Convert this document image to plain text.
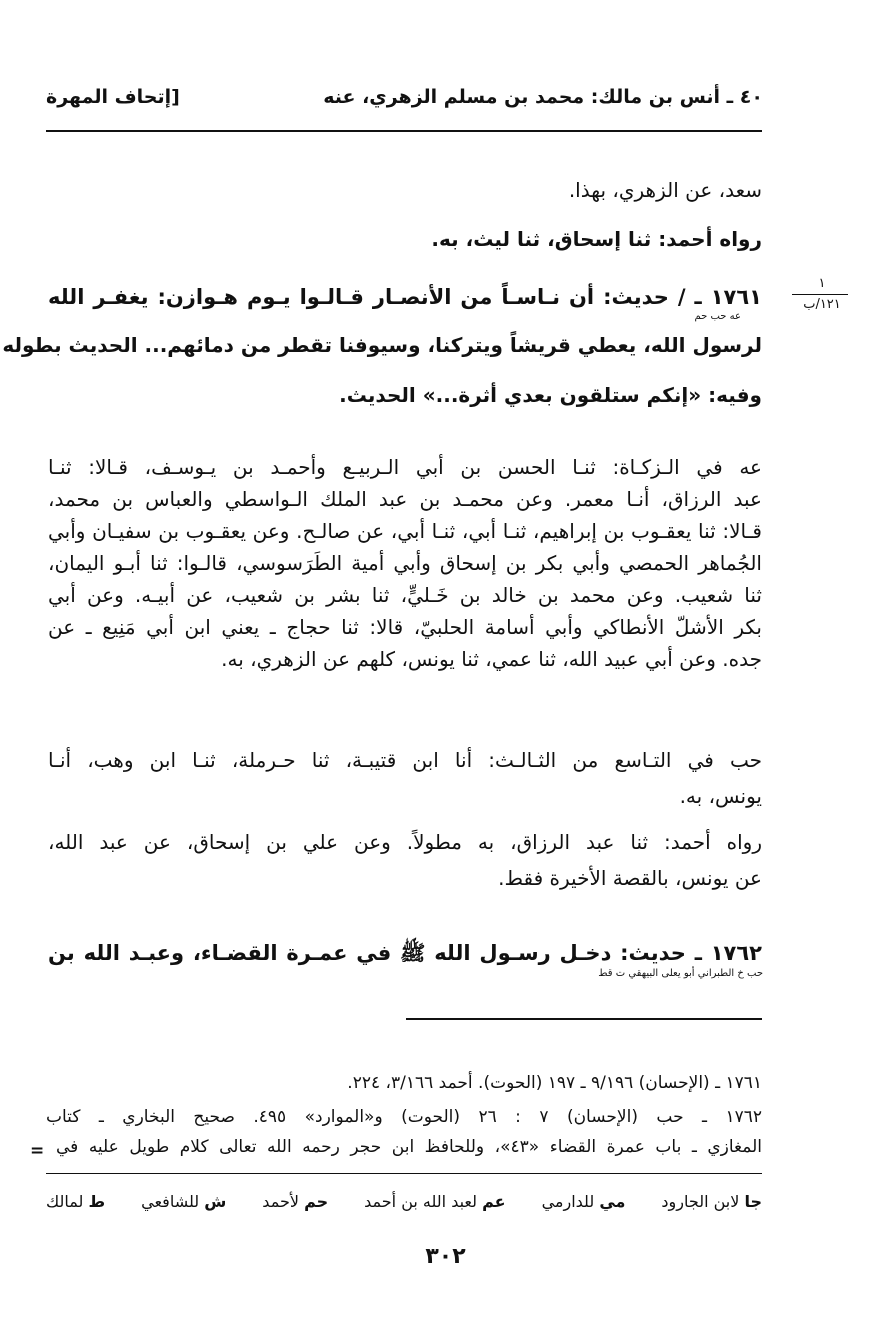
[إتحاف المهرة	٤٠ ـ أنس بن مالك: محمد بن مسلم الزهري، عنه
سعد، عن الزهري، بهذا.
رواه أحمد: ثنا إسحاق، ثنا ليث، به.
١٧٦١ ـ / حديث: أن نـاسـاً من الأنصـار قـالـوا يـوم هـوازن: يغفـر الله
عه حب حم
لرسول الله، يعطي قريشاً ويتركنا، وسيوفنا تقطر من دمائهم... الحديث بطوله
وفيه: «إنكم ستلقون بعدي أثرة...» الحديث.
١
١٢١/ب
عه في الـزكـاة: ثنـا الحسن بن أبي الـربيـع وأحمـد بن يـوسـف، قـالا: ثنـا
عبد الرزاق، أنـا معمر. وعن محمـد بن عبد الملك الـواسطي والعباس بن محمد،
قـالا: ثنا يعقـوب بن إبراهيم، ثنـا أبي، ثنـا أبي، عن صالـح. وعن يعقـوب بن سفيـان وأبي
الجُماهر الحمصي وأبي بكر بن إسحاق وأبي أمية الطَرَسوسي، قالـوا: ثنا أبـو اليمان،
ثنا شعيب. وعن محمد بن خالد بن خَـليٍّ، ثنا بشر بن شعيب، عن أبيـه. وعن أبي
بكر الأشلّ الأنطاكي وأبي أسامة الحلبيّ، قالا: ثنا حجاج ـ يعني ابن أبي مَنِيع ـ عن
جده. وعن أبي عبيد الله، ثنا عمي، ثنا يونس، كلهم عن الزهري، به.
حب في التـاسع من الثـالـث: أنا ابن قتيبـة، ثنا حـرملة، ثنـا ابن وهب، أنـا
يونس، به.
رواه أحمد: ثنا عبد الرزاق، به مطولاً. وعن علي بن إسحاق، عن عبد الله،
عن يونس، بالقصة الأخيرة فقط.
١٧٦٢ ـ حديث: دخـل رسـول الله ﷺ في عمـرة القضـاء، وعبـد الله بن
حب خ الطبراني أبو يعلى البيهقي ت قط
١٧٦١ ـ (الإحسان) ٩/١٩٦ ـ ١٩٧ (الحوت). أحمد ٣/١٦٦، ٢٢٤.
١٧٦٢ ـ حب (الإحسان) ٧ : ٢٦ (الحوت) و«الموارد» ٤٩٥. صحيح البخاري ـ كتاب
المغازي ـ باب عمرة القضاء «٤٣»، وللحافظ ابن حجر رحمه الله تعالى كلام طويل عليه في
=
ط لمالك	ش للشافعي	حم لأحمد	عم لعبد الله بن أحمد	مي للدارمي	جا لابن الجارود
٣٠٢
